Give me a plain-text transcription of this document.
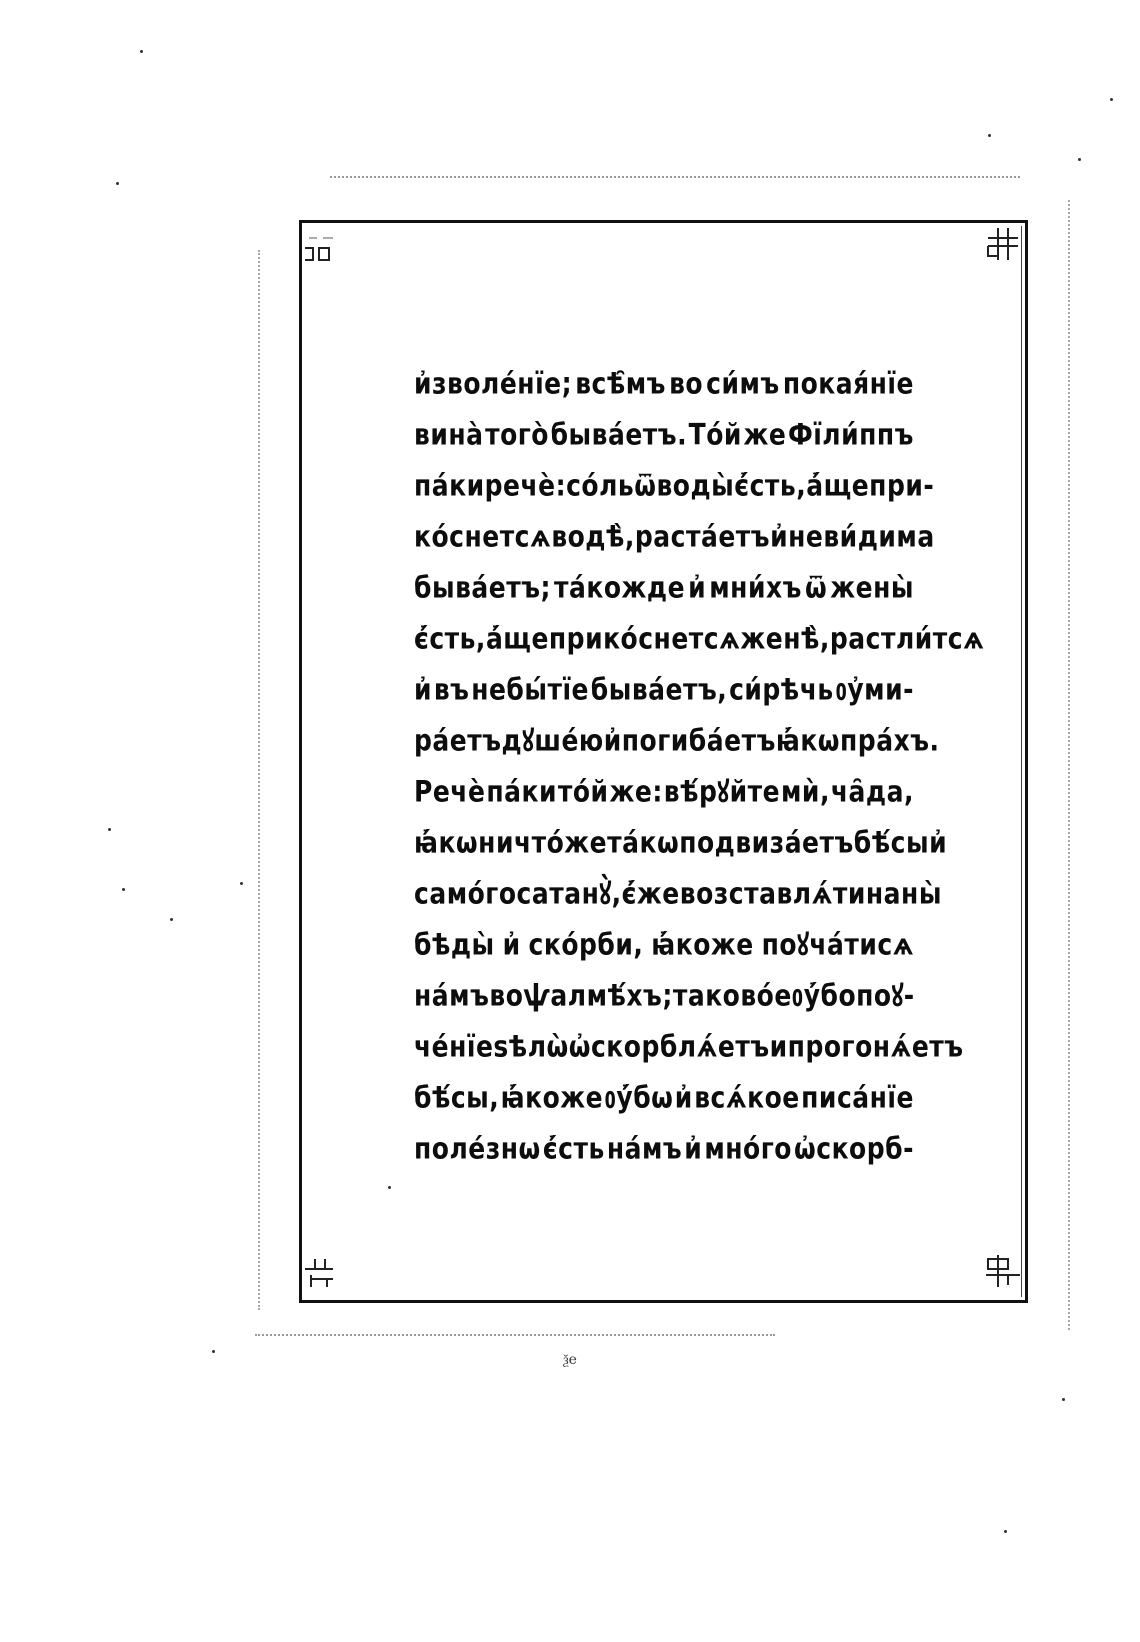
и҆зволе́нїе; всѣ̑мъ во си́мъ покая́нїе
вина̀ того̀ быва́етъ. То́й же Фїли́ппъ
па́ки речѐ: со́ль ѿ воды̀ є҆́сть, а҆́ще при-
ко́снетсѧ водѣ̀, раста́етъ и҆ неви́дима
быва́етъ; та́кожде и҆ мни́хъ ѿ жены̀
є҆́сть, а҆́ще прико́снетсѧ женѣ̀, растли́тсѧ
и҆ въ небы́тїе быва́етъ, си́рѣчь ᲂу҆ми-
ра́етъ дꙋше́ю и҆ погиба́етъ ꙗ҆́кѡ пра́хъ.
Речѐ па́ки то́й же: вѣ́рꙋйте мѝ, ча̑да,
ꙗ҆́кѡ ничто́же та́кѡ подвиза́етъ бѣ́сы и҆
само́го сатанꙋ̀, є҆́же возставлѧ́ти на ны̀
бѣды̀ и҆ ско́рби, ꙗ҆́коже поꙋча́тисѧ
на́мъ во ѱалмѣ́хъ; таково́е ᲂу҆́бо поꙋ-
че́нїе ѕѣлѡ̀ ѡ҆скорблѧ́етъ и прогонѧ́етъ
бѣ́сы, ꙗ҆́коже ᲂу҆́бѡ и҆ всѧ́кое писа́нїе
поле́знѡ є҆́сть на́мъ и҆ мно́го ѡ҆скорб-
ѯе
